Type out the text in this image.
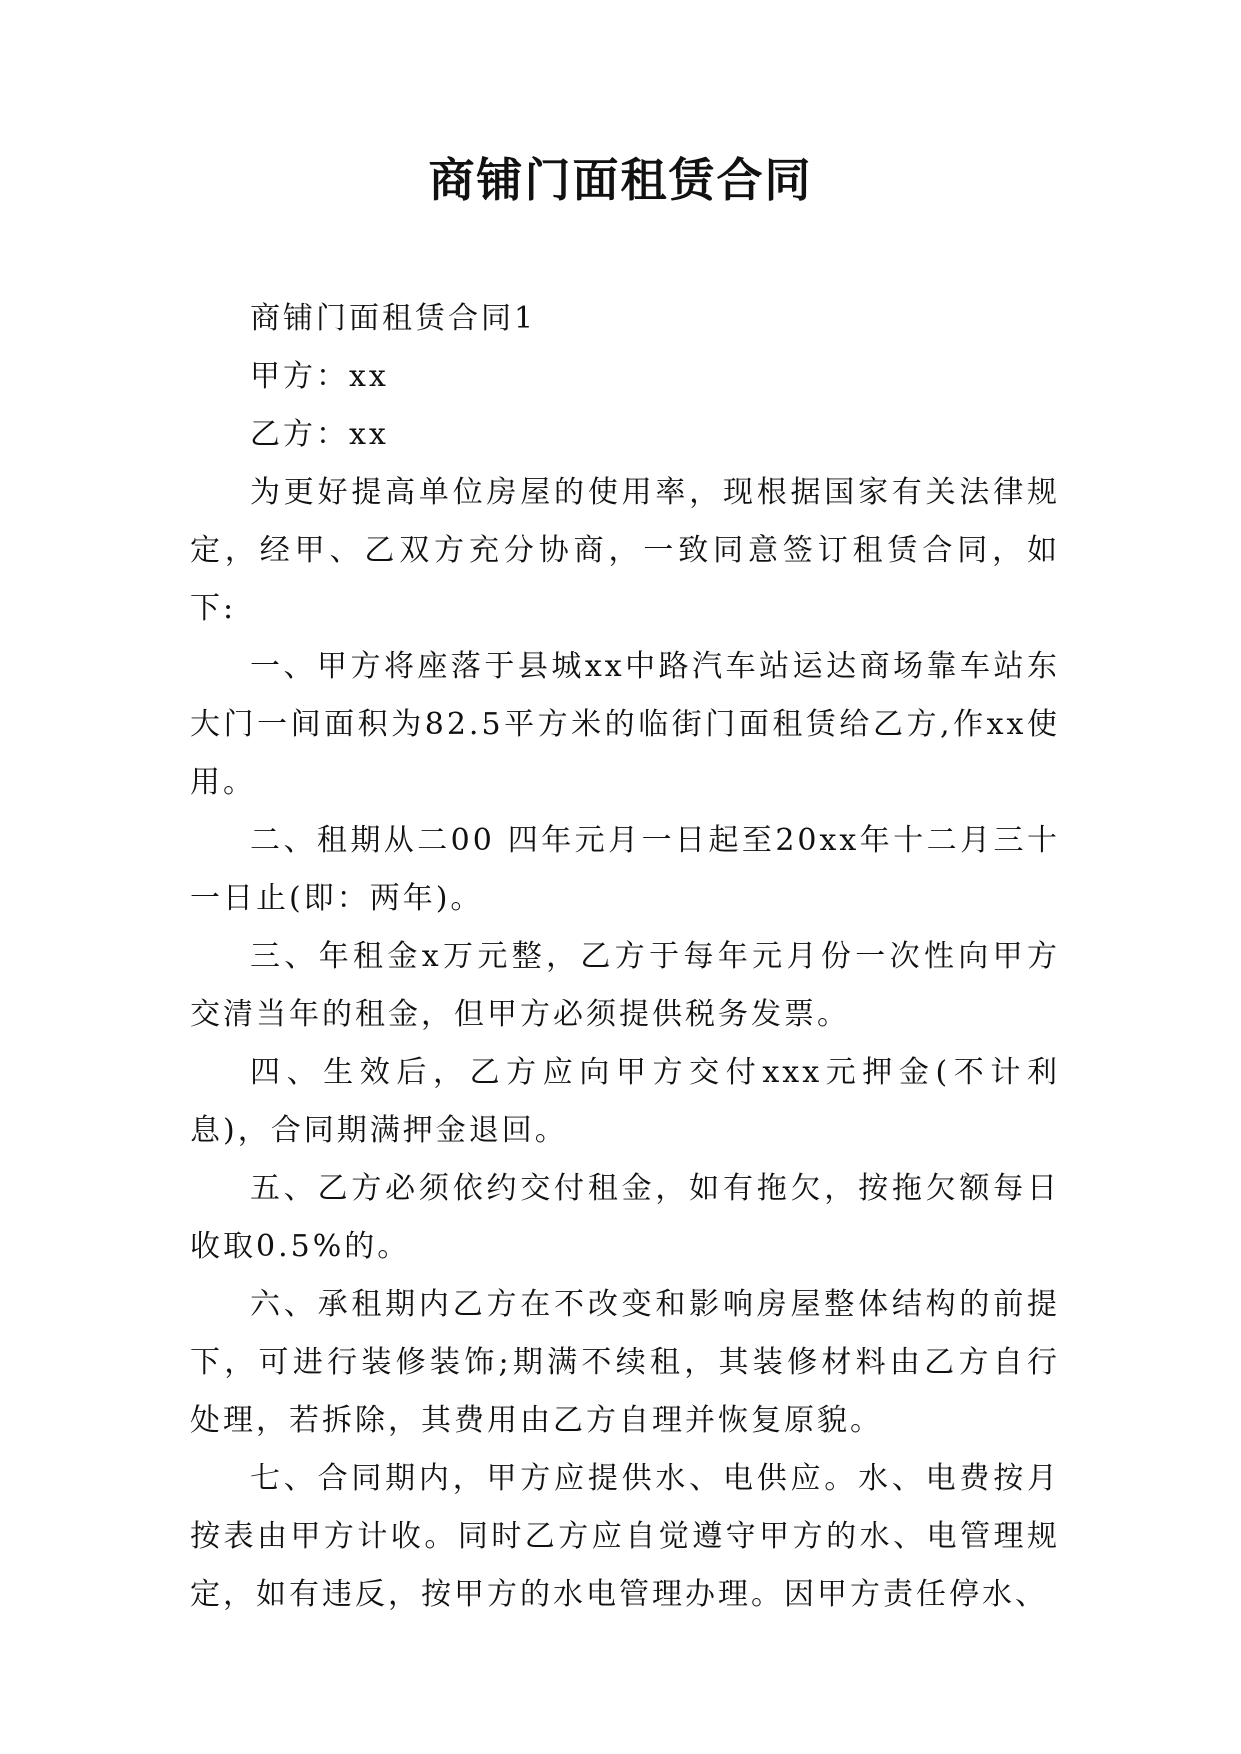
商铺门面租赁合同

商铺门面租赁合同1

甲方：xx

乙方：xx

为更好提高单位房屋的使用率，现根据国家有关法律规定，经甲、乙双方充分协商，一致同意签订租赁合同，如下:

一、甲方将座落于县城xx中路汽车站运达商场靠车站东大门一间面积为82.5平方米的临街门面租赁给乙方,作xx使用。

二、租期从二00 四年元月一日起至20xx年十二月三十一日止(即：两年)。

三、年租金x万元整，乙方于每年元月份一次性向甲方交清当年的租金，但甲方必须提供税务发票。

四、生效后，乙方应向甲方交付xxx元押金(不计利息)，合同期满押金退回。

五、乙方必须依约交付租金，如有拖欠，按拖欠额每日收取0.5%的。

六、承租期内乙方在不改变和影响房屋整体结构的前提下，可进行装修装饰;期满不续租，其装修材料由乙方自行处理，若拆除，其费用由乙方自理并恢复原貌。

七、合同期内，甲方应提供水、电供应。水、电费按月按表由甲方计收。同时乙方应自觉遵守甲方的水、电管理规定，如有违反，按甲方的水电管理办理。因甲方责任停水、
